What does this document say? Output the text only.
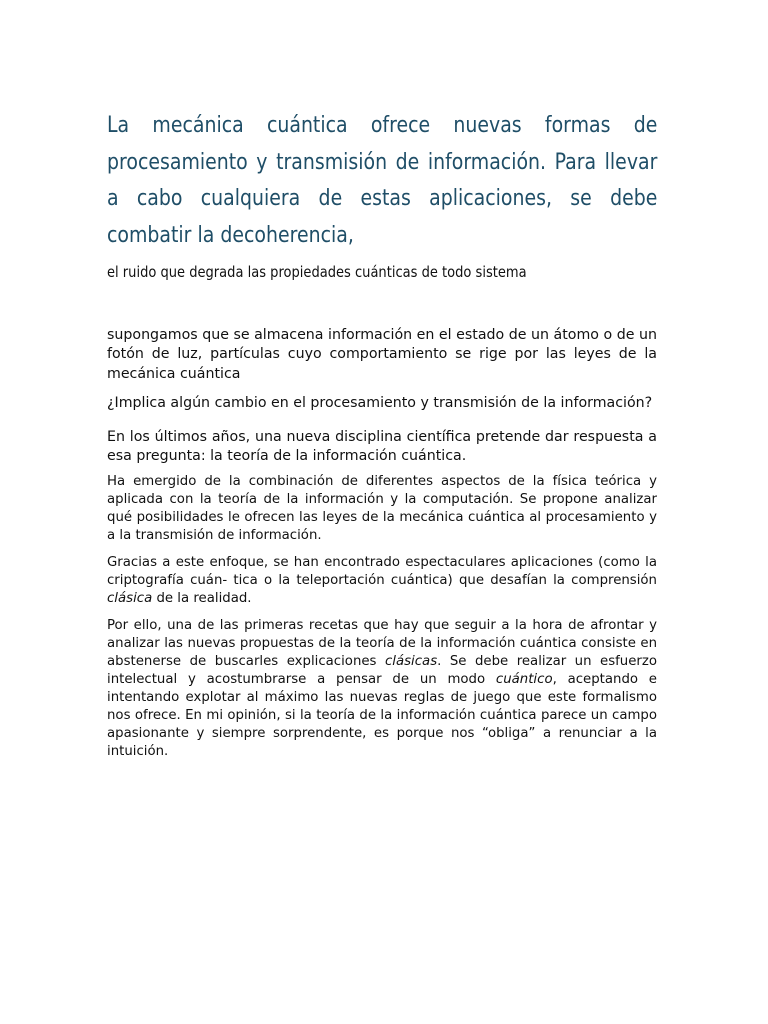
La mecánica cuántica ofrece nuevas formas de procesamiento y transmisión de información. Para llevar a cabo cualquiera de estas aplicaciones, se debe combatir la decoherencia,

el ruido que degrada las propiedades cuánticas de todo sistema

supongamos que se almacena información en el estado de un átomo o de un fotón de luz, partículas cuyo comportamiento se rige por las leyes de la mecánica cuántica

¿Implica algún cambio en el procesamiento y transmisión de la información?

En los últimos años, una nueva disciplina científica pretende dar respuesta a esa pregunta: la teoría de la información cuántica.

Ha emergido de la combinación de diferentes aspectos de la física teórica y aplicada con la teoría de la información y la computación. Se propone analizar qué posibilidades le ofrecen las leyes de la mecánica cuántica al procesamiento y a la transmisión de información.

Gracias a este enfoque, se han encontrado espectaculares aplicaciones (como la criptografía cuán- tica o la teleportación cuántica) que desafían la comprensión clásica de la realidad.

Por ello, una de las primeras recetas que hay que seguir a la hora de afrontar y analizar las nuevas propuestas de la teoría de la información cuántica consiste en abstenerse de buscarles explicaciones clásicas. Se debe realizar un esfuerzo intelectual y acostumbrarse a pensar de un modo cuántico, aceptando e intentando explotar al máximo las nuevas reglas de juego que este formalismo nos ofrece. En mi opinión, si la teoría de la información cuántica parece un campo apasionante y siempre sorprendente, es porque nos “obliga” a renunciar a la intuición.
